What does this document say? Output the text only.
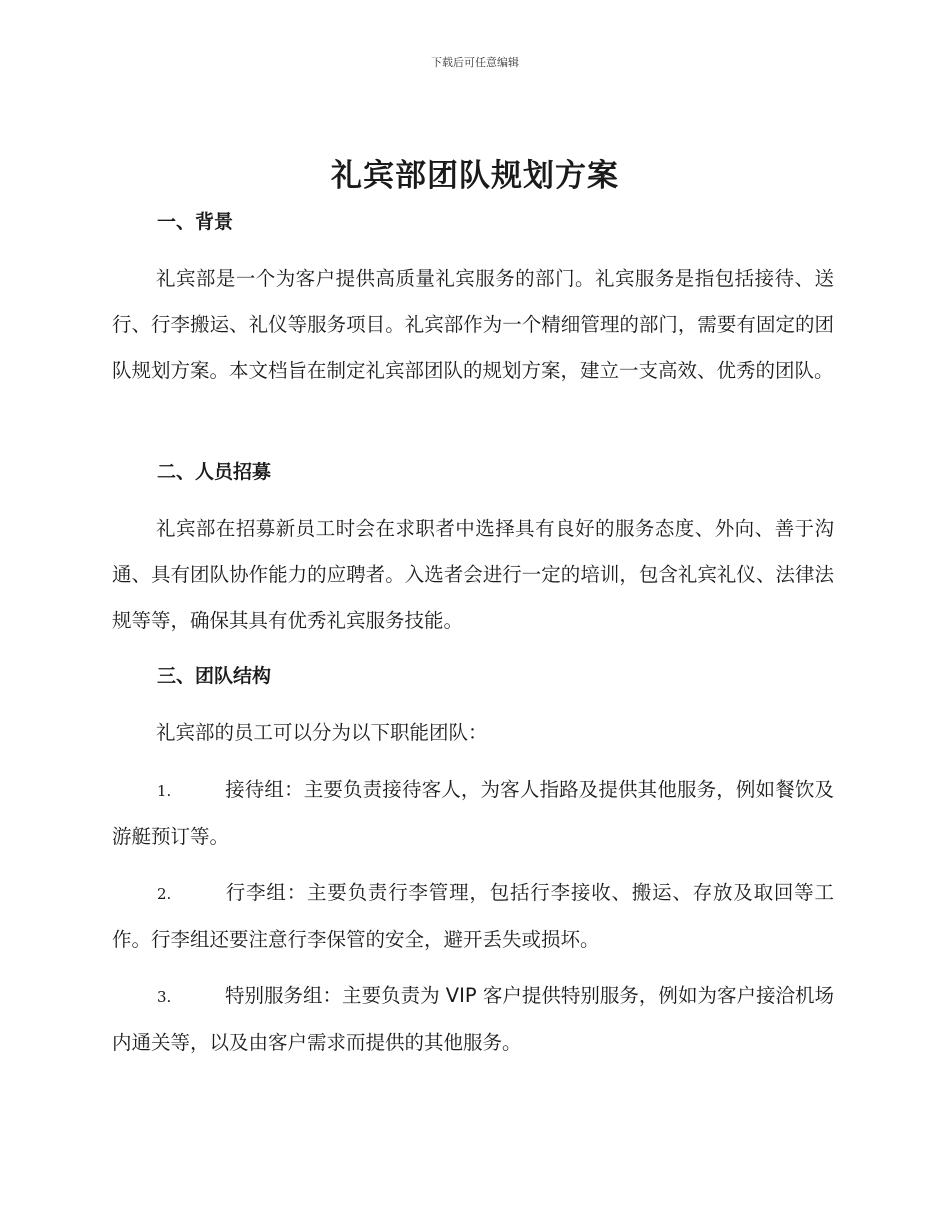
下载后可任意编辑
礼宾部团队规划方案
一、背景

礼宾部是一个为客户提供高质量礼宾服务的部门。礼宾服务是指包括接待、送行、行李搬运、礼仪等服务项目。礼宾部作为一个精细管理的部门，需要有固定的团队规划方案。本文档旨在制定礼宾部团队的规划方案，建立一支高效、优秀的团队。

二、人员招募

礼宾部在招募新员工时会在求职者中选择具有良好的服务态度、外向、善于沟通、具有团队协作能力的应聘者。入选者会进行一定的培训，包含礼宾礼仪、法律法规等等，确保其具有优秀礼宾服务技能。

三、团队结构

礼宾部的员工可以分为以下职能团队：

1.	接待组：主要负责接待客人，为客人指路及提供其他服务，例如餐饮及游艇预订等。

2.	行李组：主要负责行李管理，包括行李接收、搬运、存放及取回等工作。行李组还要注意行李保管的安全，避开丢失或损坏。

3.	特别服务组：主要负责为 VIP 客户提供特别服务，例如为客户接洽机场内通关等，以及由客户需求而提供的其他服务。
